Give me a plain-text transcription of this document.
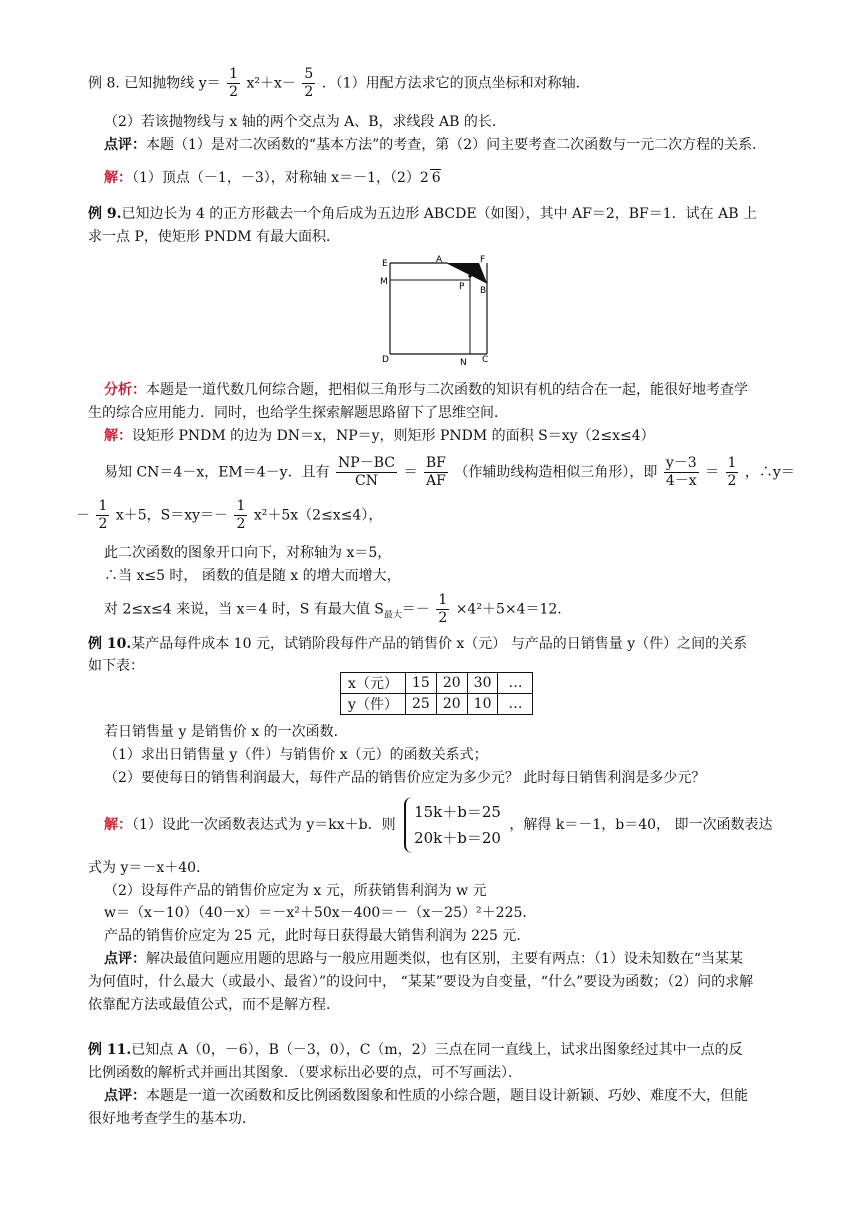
例 8. 已知抛物线 $y= \frac{1}{2} x^2+x- \frac{5}{2}$ ．（1）用配方法求它的顶点坐标和对称轴．
（2）若该抛物线与 x 轴的两个交点为 A、B，求线段 AB 的长．
点评：本题（1）是对二次函数的“基本方法”的考查，第（2）问主要考查二次函数与一元二次方程的关系．
解：（1）顶点（－1，－3），对称轴 x＝－1，（2）2 6
例 9.已知边长为 4 的正方形截去一个角后成为五边形 ABCDE（如图），其中 AF＝2，BF＝1．试在 AB 上
求一点 P，使矩形 PNDM 有最大面积．
E	A	F
M	P B
D	N C
分析：本题是一道代数几何综合题，把相似三角形与二次函数的知识有机的结合在一起，能很好地考查学
生的综合应用能力．同时，也给学生探索解题思路留下了思维空间．
解：设矩形 PNDM 的边为 DN＝x，NP＝y，则矩形 PNDM 的面积 S＝xy（2≤x≤4）
易知 CN＝4－x，EM＝4－y．且有 $\frac{NP-BC}{CN} = \frac{BF}{AF}$ （作辅助线构造相似三角形），即 $\frac{y-3}{4-x} = \frac{1}{2}$ ，∴y＝
－ $\frac{1}{2} x+5$，$S=xy=- \frac{1}{2} x^2+5x(2\le x\le 4)$，
此二次函数的图象开口向下，对称轴为 x＝5，
∴当 x≤5 时， 函数的值是随 x 的增大而增大，
对 2≤x≤4 来说，当 x＝4 时，S 有最大值 $S_{最大}=- \frac{1}{2} \times 4^2+5\times 4=12$．
例 10.某产品每件成本 10 元，试销阶段每件产品的销售价 x（元） 与产品的日销售量 y（件）之间的关系
如下表：
x（元）	15	20	30	…
y（件）	25	20	10	…
若日销售量 y 是销售价 x 的一次函数．
（1）求出日销售量 y（件）与销售价 x（元）的函数关系式；
（2）要使每日的销售利润最大，每件产品的销售价应定为多少元？ 此时每日销售利润是多少元？
解：（1）设此一次函数表达式为 y＝kx＋b．则
15k＋b＝25
20k＋b＝20
，解得 k＝－1，b＝40， 即一次函数表达
式为 y＝－x＋40．
（2）设每件产品的销售价应定为 x 元，所获销售利润为 w 元
w＝（x－10）（40－x）＝－x²＋50x－400＝－（x－25）²＋225．
产品的销售价应定为 25 元，此时每日获得最大销售利润为 225 元．
点评：解决最值问题应用题的思路与一般应用题类似，也有区别，主要有两点：（1）设未知数在“当某某
为何值时，什么最大（或最小、最省）”的设问中， “某某”要设为自变量，“什么”要设为函数；（2）问的求解
依靠配方法或最值公式，而不是解方程．
例 11.已知点 A（0，－6），B（－3，0），C（m，2）三点在同一直线上，试求出图象经过其中一点的反
比例函数的解析式并画出其图象．（要求标出必要的点，可不写画法）．
点评：本题是一道一次函数和反比例函数图象和性质的小综合题，题目设计新颖、巧妙、难度不大，但能
很好地考查学生的基本功．
